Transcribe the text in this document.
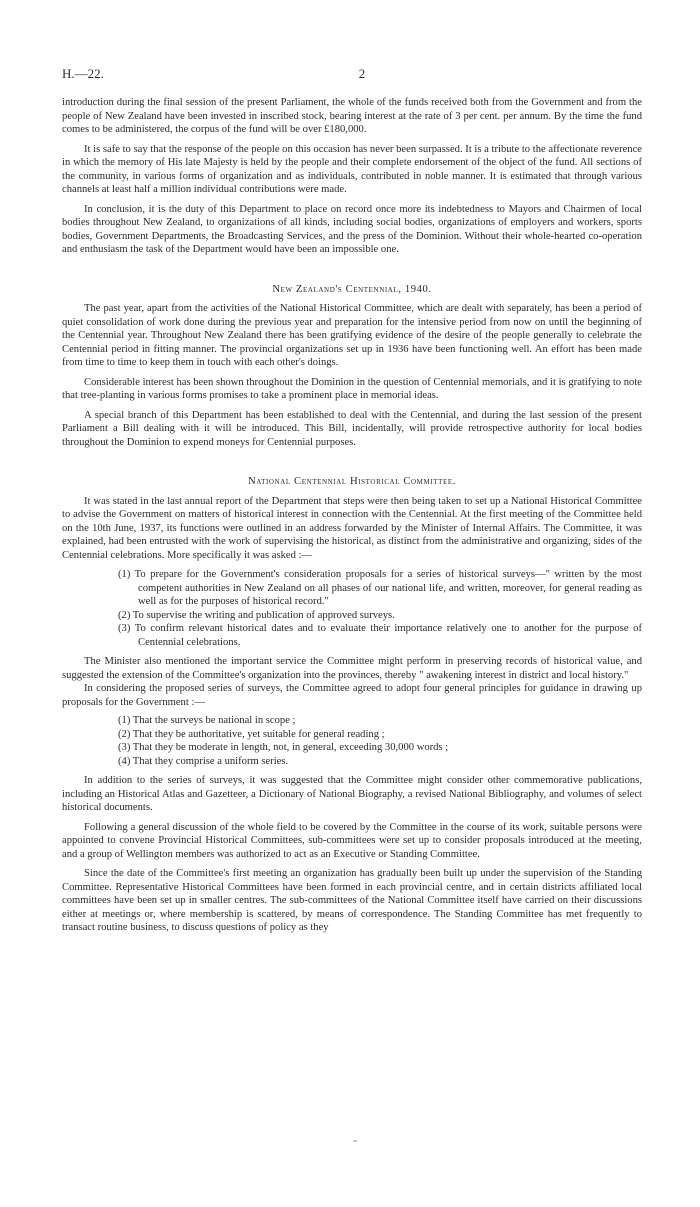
H.—22.	2

introduction during the final session of the present Parliament, the whole of the funds received both from the Government and from the people of New Zealand have been invested in inscribed stock, bearing interest at the rate of 3 per cent. per annum. By the time the fund comes to be administered, the corpus of the fund will be over £180,000.

It is safe to say that the response of the people on this occasion has never been surpassed. It is a tribute to the affectionate reverence in which the memory of His late Majesty is held by the people and their complete endorsement of the object of the fund. All sections of the community, in various forms of organization and as individuals, contributed in noble manner. It is estimated that through various channels at least half a million individual contributions were made.

In conclusion, it is the duty of this Department to place on record once more its indebtedness to Mayors and Chairmen of local bodies throughout New Zealand, to organizations of all kinds, including social bodies, organizations of employers and workers, sports bodies, Government Departments, the Broadcasting Services, and the press of the Dominion. Without their whole-hearted co-operation and enthusiasm the task of the Department would have been an impossible one.

New Zealand's Centennial, 1940.

The past year, apart from the activities of the National Historical Committee, which are dealt with separately, has been a period of quiet consolidation of work done during the previous year and preparation for the intensive period from now on until the beginning of the Centennial year. Throughout New Zealand there has been gratifying evidence of the desire of the people generally to celebrate the Centennial period in fitting manner. The provincial organizations set up in 1936 have been functioning well. An effort has been made from time to time to keep them in touch with each other's doings.

Considerable interest has been shown throughout the Dominion in the question of Centennial memorials, and it is gratifying to note that tree-planting in various forms promises to take a prominent place in memorial ideas.

A special branch of this Department has been established to deal with the Centennial, and during the last session of the present Parliament a Bill dealing with it will be introduced. This Bill, incidentally, will provide retrospective authority for local bodies throughout the Dominion to expend moneys for Centennial purposes.

National Centennial Historical Committee.

It was stated in the last annual report of the Department that steps were then being taken to set up a National Historical Committee to advise the Government on matters of historical interest in connection with the Centennial. At the first meeting of the Committee held on the 10th June, 1937, its functions were outlined in an address forwarded by the Minister of Internal Affairs. The Committee, it was explained, had been entrusted with the work of supervising the historical, as distinct from the administrative and organizing, sides of the Centennial celebrations. More specifically it was asked :—

(1) To prepare for the Government's consideration proposals for a series of historical surveys—" written by the most competent authorities in New Zealand on all phases of our national life, and written, moreover, for general reading as well as for the purposes of historical record."
(2) To supervise the writing and publication of approved surveys.
(3) To confirm relevant historical dates and to evaluate their importance relatively one to another for the purpose of Centennial celebrations.

The Minister also mentioned the important service the Committee might perform in preserving records of historical value, and suggested the extension of the Committee's organization into the provinces, thereby " awakening interest in district and local history."

In considering the proposed series of surveys, the Committee agreed to adopt four general principles for guidance in drawing up proposals for the Government :—

(1) That the surveys be national in scope ;
(2) That they be authoritative, yet suitable for general reading ;
(3) That they be moderate in length, not, in general, exceeding 30,000 words ;
(4) That they comprise a uniform series.

In addition to the series of surveys, it was suggested that the Committee might consider other commemorative publications, including an Historical Atlas and Gazetteer, a Dictionary of National Biography, a revised National Bibliography, and volumes of select historical documents.

Following a general discussion of the whole field to be covered by the Committee in the course of its work, suitable persons were appointed to convene Provincial Historical Committees, sub-committees were set up to consider proposals introduced at the meeting, and a group of Wellington members was authorized to act as an Executive or Standing Committee.

Since the date of the Committee's first meeting an organization has gradually been built up under the supervision of the Standing Committee. Representative Historical Committees have been formed in each provincial centre, and in certain districts affiliated local committees have been set up in smaller centres. The sub-committees of the National Committee itself have carried on their discussions either at meetings or, where membership is scattered, by means of correspondence. The Standing Committee has met frequently to transact routine business, to discuss questions of policy as they
